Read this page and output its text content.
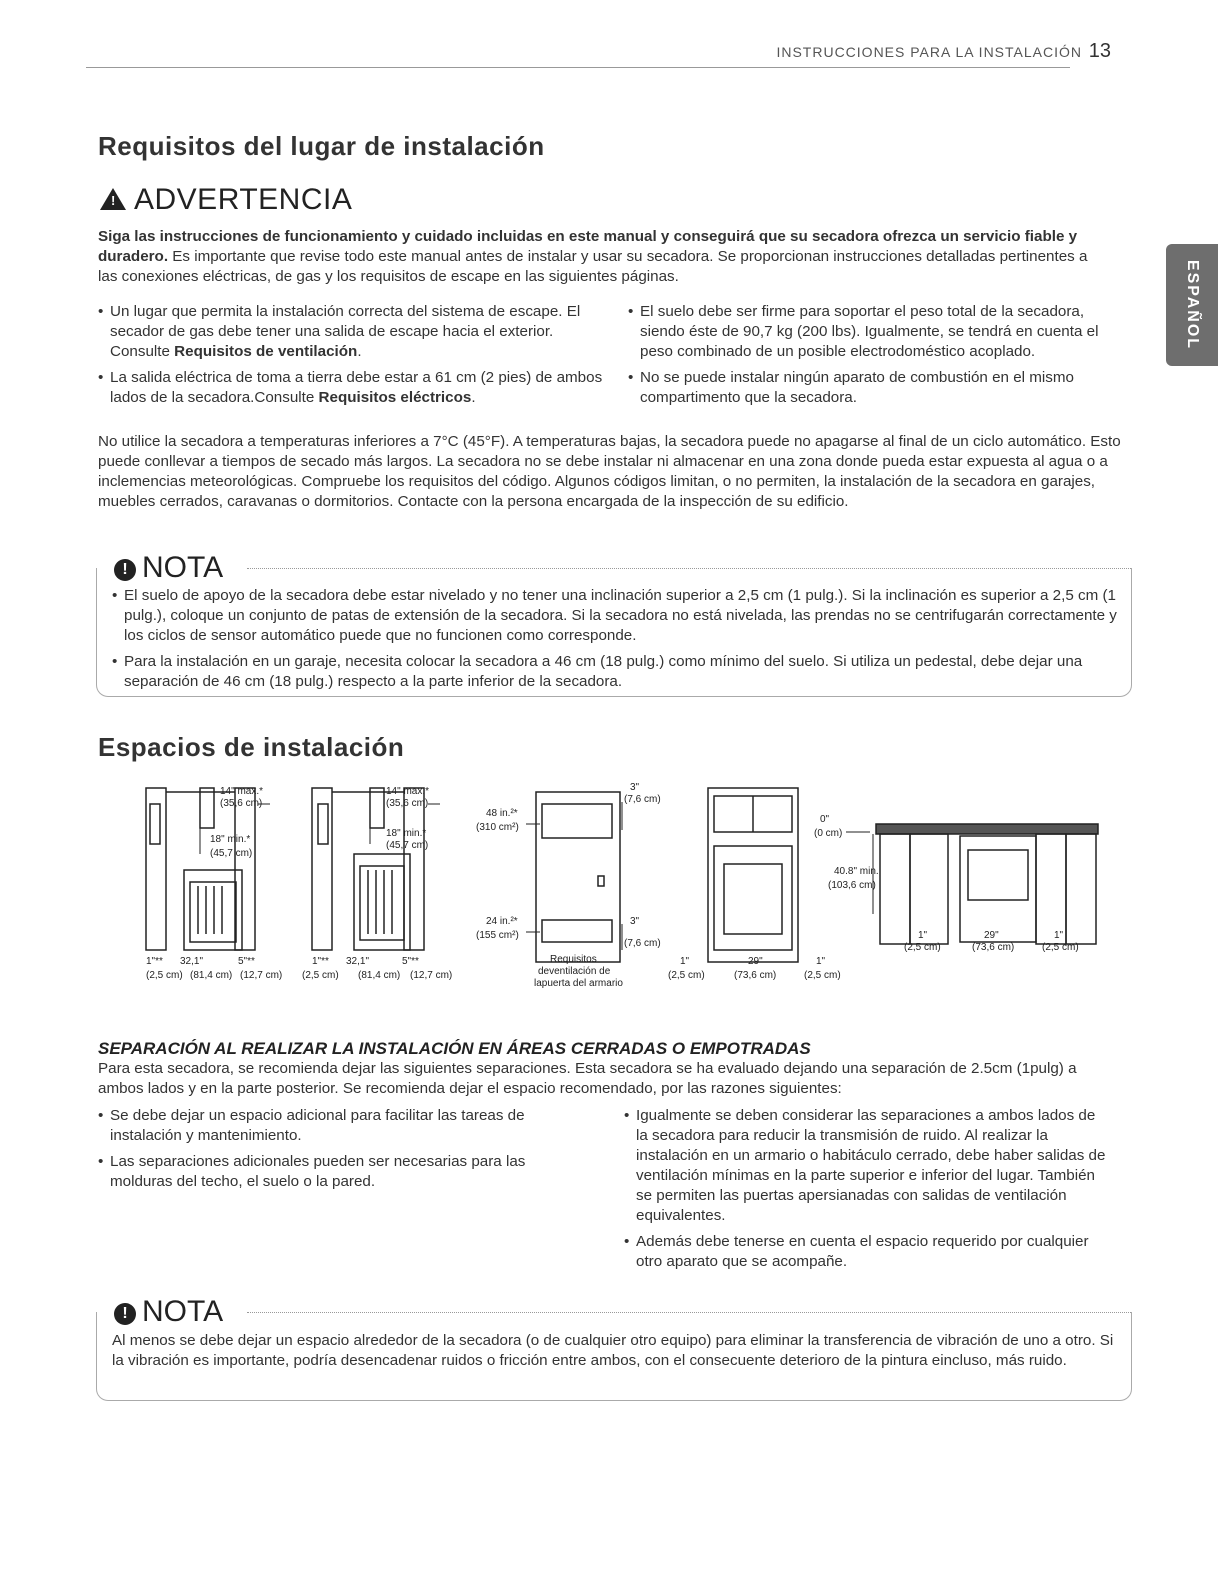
INSTRUCCIONES PARA LA INSTALACIÓN 13
ESPAÑOL
Requisitos del lugar de instalación
! ADVERTENCIA
Siga las instrucciones de funcionamiento y cuidado incluidas en este manual y conseguirá que su secadora ofrezca un servicio fiable y duradero. Es importante que revise todo este manual antes de instalar y usar su secadora. Se proporcionan instrucciones detalladas pertinentes a las conexiones eléctricas, de gas y los requisitos de escape en las siguientes páginas.
• Un lugar que permita la instalación correcta del sistema de escape. El secador de gas debe tener una salida de escape hacia el exterior. Consulte Requisitos de ventilación.
• La salida eléctrica de toma a tierra debe estar a 61 cm (2 pies) de ambos lados de la secadora.Consulte Requisitos eléctricos.
• El suelo debe ser firme para soportar el peso total de la secadora, siendo éste de 90,7 kg (200 lbs). Igualmente, se tendrá en cuenta el peso combinado de un posible electrodoméstico acoplado.
• No se puede instalar ningún aparato de combustión en el mismo compartimento que la secadora.
No utilice la secadora a temperaturas inferiores a 7°C (45°F). A temperaturas bajas, la secadora puede no apagarse al final de un ciclo automático. Esto puede conllevar a tiempos de secado más largos. La secadora no se debe instalar ni almacenar en una zona donde pueda estar expuesta al agua o a inclemencias meteorológicas. Compruebe los requisitos del código. Algunos códigos limitan, o no permiten, la instalación de la secadora en garajes, muebles cerrados, caravanas o dormitorios. Contacte con la persona encargada de la inspección de su edificio.
! NOTA
• El suelo de apoyo de la secadora debe estar nivelado y no tener una inclinación superior a 2,5 cm (1 pulg.). Si la inclinación es superior a 2,5 cm (1 pulg.), coloque un conjunto de patas de extensión de la secadora. Si la secadora no está nivelada, las prendas no se centrifugarán correctamente y los ciclos de sensor automático puede que no funcionen como corresponde.
• Para la instalación en un garaje, necesita colocar la secadora a 46 cm (18 pulg.) como mínimo del suelo. Si utiliza un pedestal, debe dejar una separación de 46 cm (18 pulg.) respecto a la parte inferior de la secadora.
Espacios de instalación
14" max.*
(35,6 cm)
18" min.*
(45,7 cm)
1"** 32,1"	5"**
(2,5 cm) (81,4 cm) (12,7 cm)
14" max.*
(35,6 cm)
18" min.*
(45,7 cm)
1"** 32,1"	5"**
(2,5 cm) (81,4 cm) (12,7 cm)
48 in.²*
(310 cm²)
24 in.²*
(155 cm²)
3"
(7,6 cm)
3"
(7,6 cm)
Requisitos
deventilación de
lapuerta del armario
1"	29"	1"
(2,5 cm)	(73,6 cm)	(2,5 cm)
0"
(0 cm)
40.8" min.
(103,6 cm)
1"	29"	1"
(2,5 cm)	(73,6 cm)	(2,5 cm)
SEPARACIÓN AL REALIZAR LA INSTALACIÓN EN ÁREAS CERRADAS O EMPOTRADAS
Para esta secadora, se recomienda dejar las siguientes separaciones. Esta secadora se ha evaluado dejando una separación de 2.5cm (1pulg) a ambos lados y en la parte posterior. Se recomienda dejar el espacio recomendado, por las razones siguientes:
• Se debe dejar un espacio adicional para facilitar las tareas de instalación y mantenimiento.
• Las separaciones adicionales pueden ser necesarias para las molduras del techo, el suelo o la pared.
• Igualmente se deben considerar las separaciones a ambos lados de la secadora para reducir la transmisión de ruido. Al realizar la instalación en un armario o habitáculo cerrado, debe haber salidas de ventilación mínimas en la parte superior e inferior del lugar. También se permiten las puertas apersianadas con salidas de ventilación equivalentes.
• Además debe tenerse en cuenta el espacio requerido por cualquier otro aparato que se acompañe.
! NOTA
Al menos se debe dejar un espacio alrededor de la secadora (o de cualquier otro equipo) para eliminar la transferencia de vibración de uno a otro. Si la vibración es importante, podría desencadenar ruidos o fricción entre ambos, con el consecuente deterioro de la pintura eincluso, más ruido.
